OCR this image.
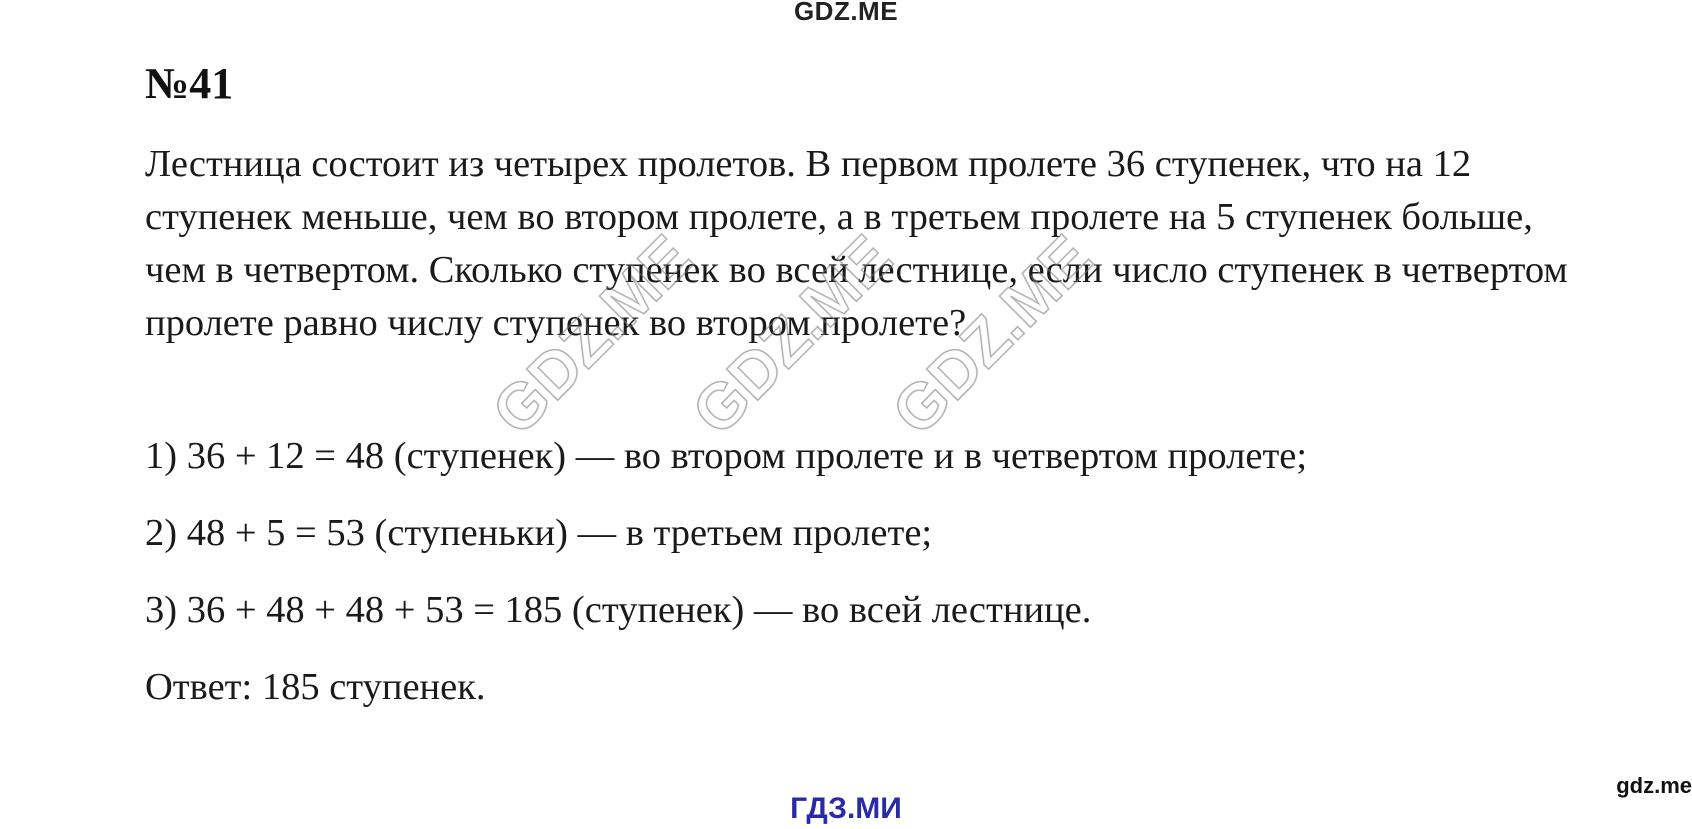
GDZ.ME
№41
Лестница состоит из четырех пролетов. В первом пролете 36 ступенек, что на 12 ступенек меньше, чем во втором пролете, а в третьем пролете на 5 ступенек больше, чем в четвертом. Сколько ступенек во всей лестнице, если число ступенек в четвертом пролете равно числу ступенек во втором пролете?
GDZ.ME
GDZ.ME
GDZ.ME
1) 36 + 12 = 48 (ступенек) — во втором пролете и в четвертом пролете;
2) 48 + 5 = 53 (ступеньки) — в третьем пролете;
3) 36 + 48 + 48 + 53 = 185 (ступенек) — во всей лестнице.
Ответ: 185 ступенек.
ГДЗ.МИ
gdz.me
